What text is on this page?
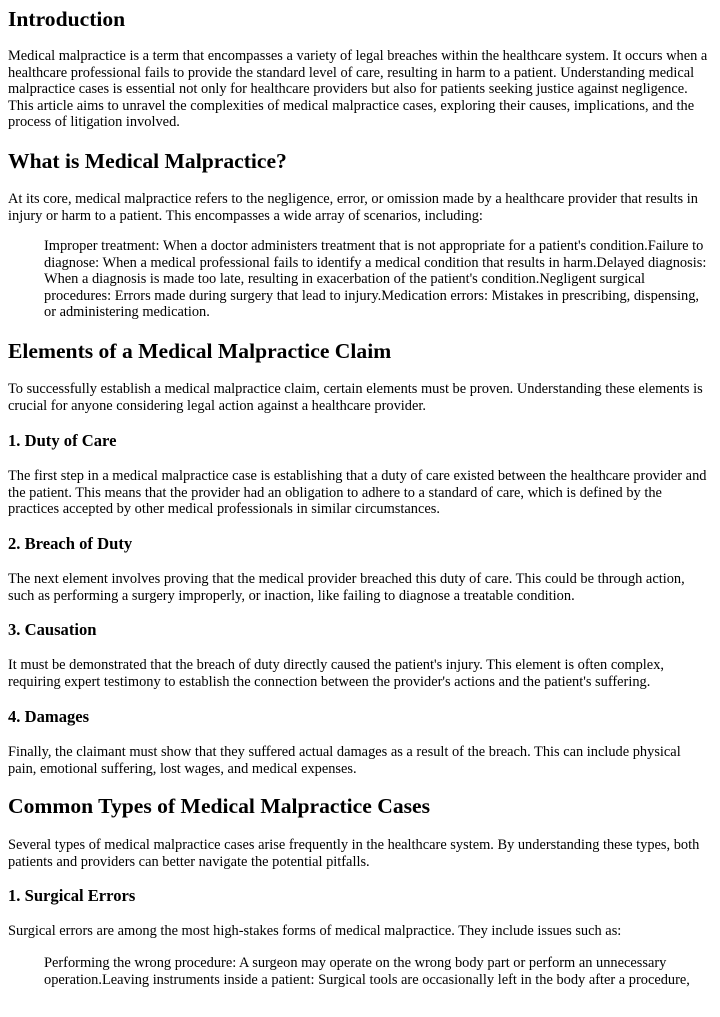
Introduction

Medical malpractice is a term that encompasses a variety of legal breaches within the healthcare system. It occurs when a
healthcare professional fails to provide the standard level of care, resulting in harm to a patient. Understanding medical
malpractice cases is essential not only for healthcare providers but also for patients seeking justice against negligence.
This article aims to unravel the complexities of medical malpractice cases, exploring their causes, implications, and the
process of litigation involved.

What is Medical Malpractice?

At its core, medical malpractice refers to the negligence, error, or omission made by a healthcare provider that results in
injury or harm to a patient. This encompasses a wide array of scenarios, including:

Improper treatment: When a doctor administers treatment that is not appropriate for a patient's condition.Failure to
diagnose: When a medical professional fails to identify a medical condition that results in harm.Delayed diagnosis:
When a diagnosis is made too late, resulting in exacerbation of the patient's condition.Negligent surgical
procedures: Errors made during surgery that lead to injury.Medication errors: Mistakes in prescribing, dispensing,
or administering medication.
Elements of a Medical Malpractice Claim

To successfully establish a medical malpractice claim, certain elements must be proven. Understanding these elements is
crucial for anyone considering legal action against a healthcare provider.

1. Duty of Care

The first step in a medical malpractice case is establishing that a duty of care existed between the healthcare provider and
the patient. This means that the provider had an obligation to adhere to a standard of care, which is defined by the
practices accepted by other medical professionals in similar circumstances.

2. Breach of Duty

The next element involves proving that the medical provider breached this duty of care. This could be through action,
such as performing a surgery improperly, or inaction, like failing to diagnose a treatable condition.

3. Causation

It must be demonstrated that the breach of duty directly caused the patient's injury. This element is often complex,
requiring expert testimony to establish the connection between the provider's actions and the patient's suffering.

4. Damages

Finally, the claimant must show that they suffered actual damages as a result of the breach. This can include physical
pain, emotional suffering, lost wages, and medical expenses.

Common Types of Medical Malpractice Cases

Several types of medical malpractice cases arise frequently in the healthcare system. By understanding these types, both
patients and providers can better navigate the potential pitfalls.

1. Surgical Errors

Surgical errors are among the most high-stakes forms of medical malpractice. They include issues such as:

Performing the wrong procedure: A surgeon may operate on the wrong body part or perform an unnecessary
operation.Leaving instruments inside a patient: Surgical tools are occasionally left in the body after a procedure,
